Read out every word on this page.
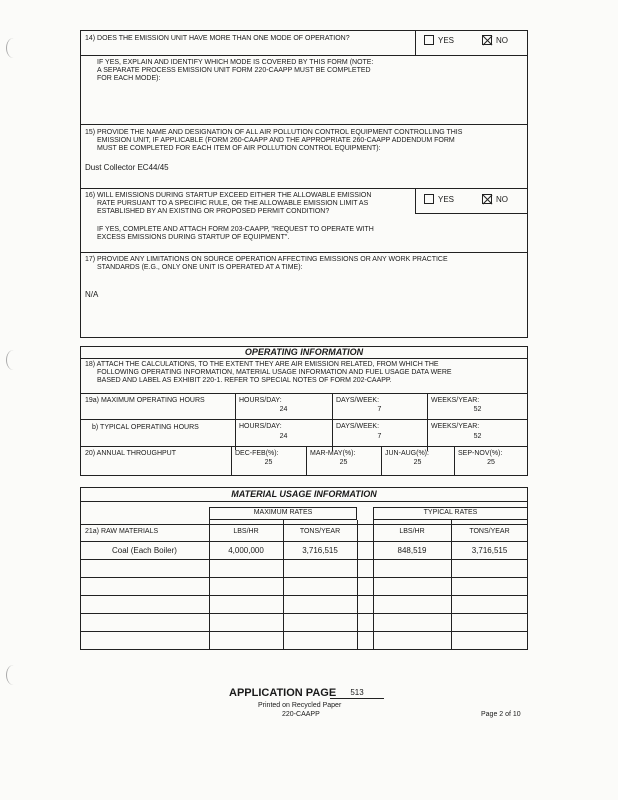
14) DOES THE EMISSION UNIT HAVE MORE THAN ONE MODE OF OPERATION?	YES	NO
IF YES, EXPLAIN AND IDENTIFY WHICH MODE IS COVERED BY THIS FORM (NOTE:
A SEPARATE PROCESS EMISSION UNIT FORM 220-CAAPP MUST BE COMPLETED
FOR EACH MODE):
15) PROVIDE THE NAME AND DESIGNATION OF ALL AIR POLLUTION CONTROL EQUIPMENT CONTROLLING THIS
EMISSION UNIT, IF APPLICABLE (FORM 260-CAAPP AND THE APPROPRIATE 260-CAAPP ADDENDUM FORM
MUST BE COMPLETED FOR EACH ITEM OF AIR POLLUTION CONTROL EQUIPMENT):
Dust Collector EC44/45
16) WILL EMISSIONS DURING STARTUP EXCEED EITHER THE ALLOWABLE EMISSION
RATE PURSUANT TO A SPECIFIC RULE, OR THE ALLOWABLE EMISSION LIMIT AS
ESTABLISHED BY AN EXISTING OR PROPOSED PERMIT CONDITION?
YES	NO
IF YES, COMPLETE AND ATTACH FORM 203-CAAPP, "REQUEST TO OPERATE WITH
EXCESS EMISSIONS DURING STARTUP OF EQUIPMENT".
17) PROVIDE ANY LIMITATIONS ON SOURCE OPERATION AFFECTING EMISSIONS OR ANY WORK PRACTICE
STANDARDS (E.G., ONLY ONE UNIT IS OPERATED AT A TIME):
N/A
OPERATING INFORMATION
18) ATTACH THE CALCULATIONS, TO THE EXTENT THEY ARE AIR EMISSION RELATED, FROM WHICH THE
FOLLOWING OPERATING INFORMATION, MATERIAL USAGE INFORMATION AND FUEL USAGE DATA WERE
BASED AND LABEL AS EXHIBIT 220-1. REFER TO SPECIAL NOTES OF FORM 202-CAAPP.
19a) MAXIMUM OPERATING HOURS	HOURS/DAY:	DAYS/WEEK:	WEEKS/YEAR:
24	7	52
b) TYPICAL OPERATING HOURS	HOURS/DAY:	DAYS/WEEK:	WEEKS/YEAR:
24	7	52
20) ANNUAL THROUGHPUT	DEC-FEB(%):	MAR-MAY(%):	JUN-AUG(%):	SEP-NOV(%):
25	25	25	25
MATERIAL USAGE INFORMATION
MAXIMUM RATES	TYPICAL RATES
21a) RAW MATERIALS	LBS/HR	TONS/YEAR	LBS/HR	TONS/YEAR
Coal (Each Boiler)	4,000,000	3,716,515	848,519	3,716,515
APPLICATION PAGE	513
Printed on Recycled Paper
220-CAAPP	Page 2 of 10
